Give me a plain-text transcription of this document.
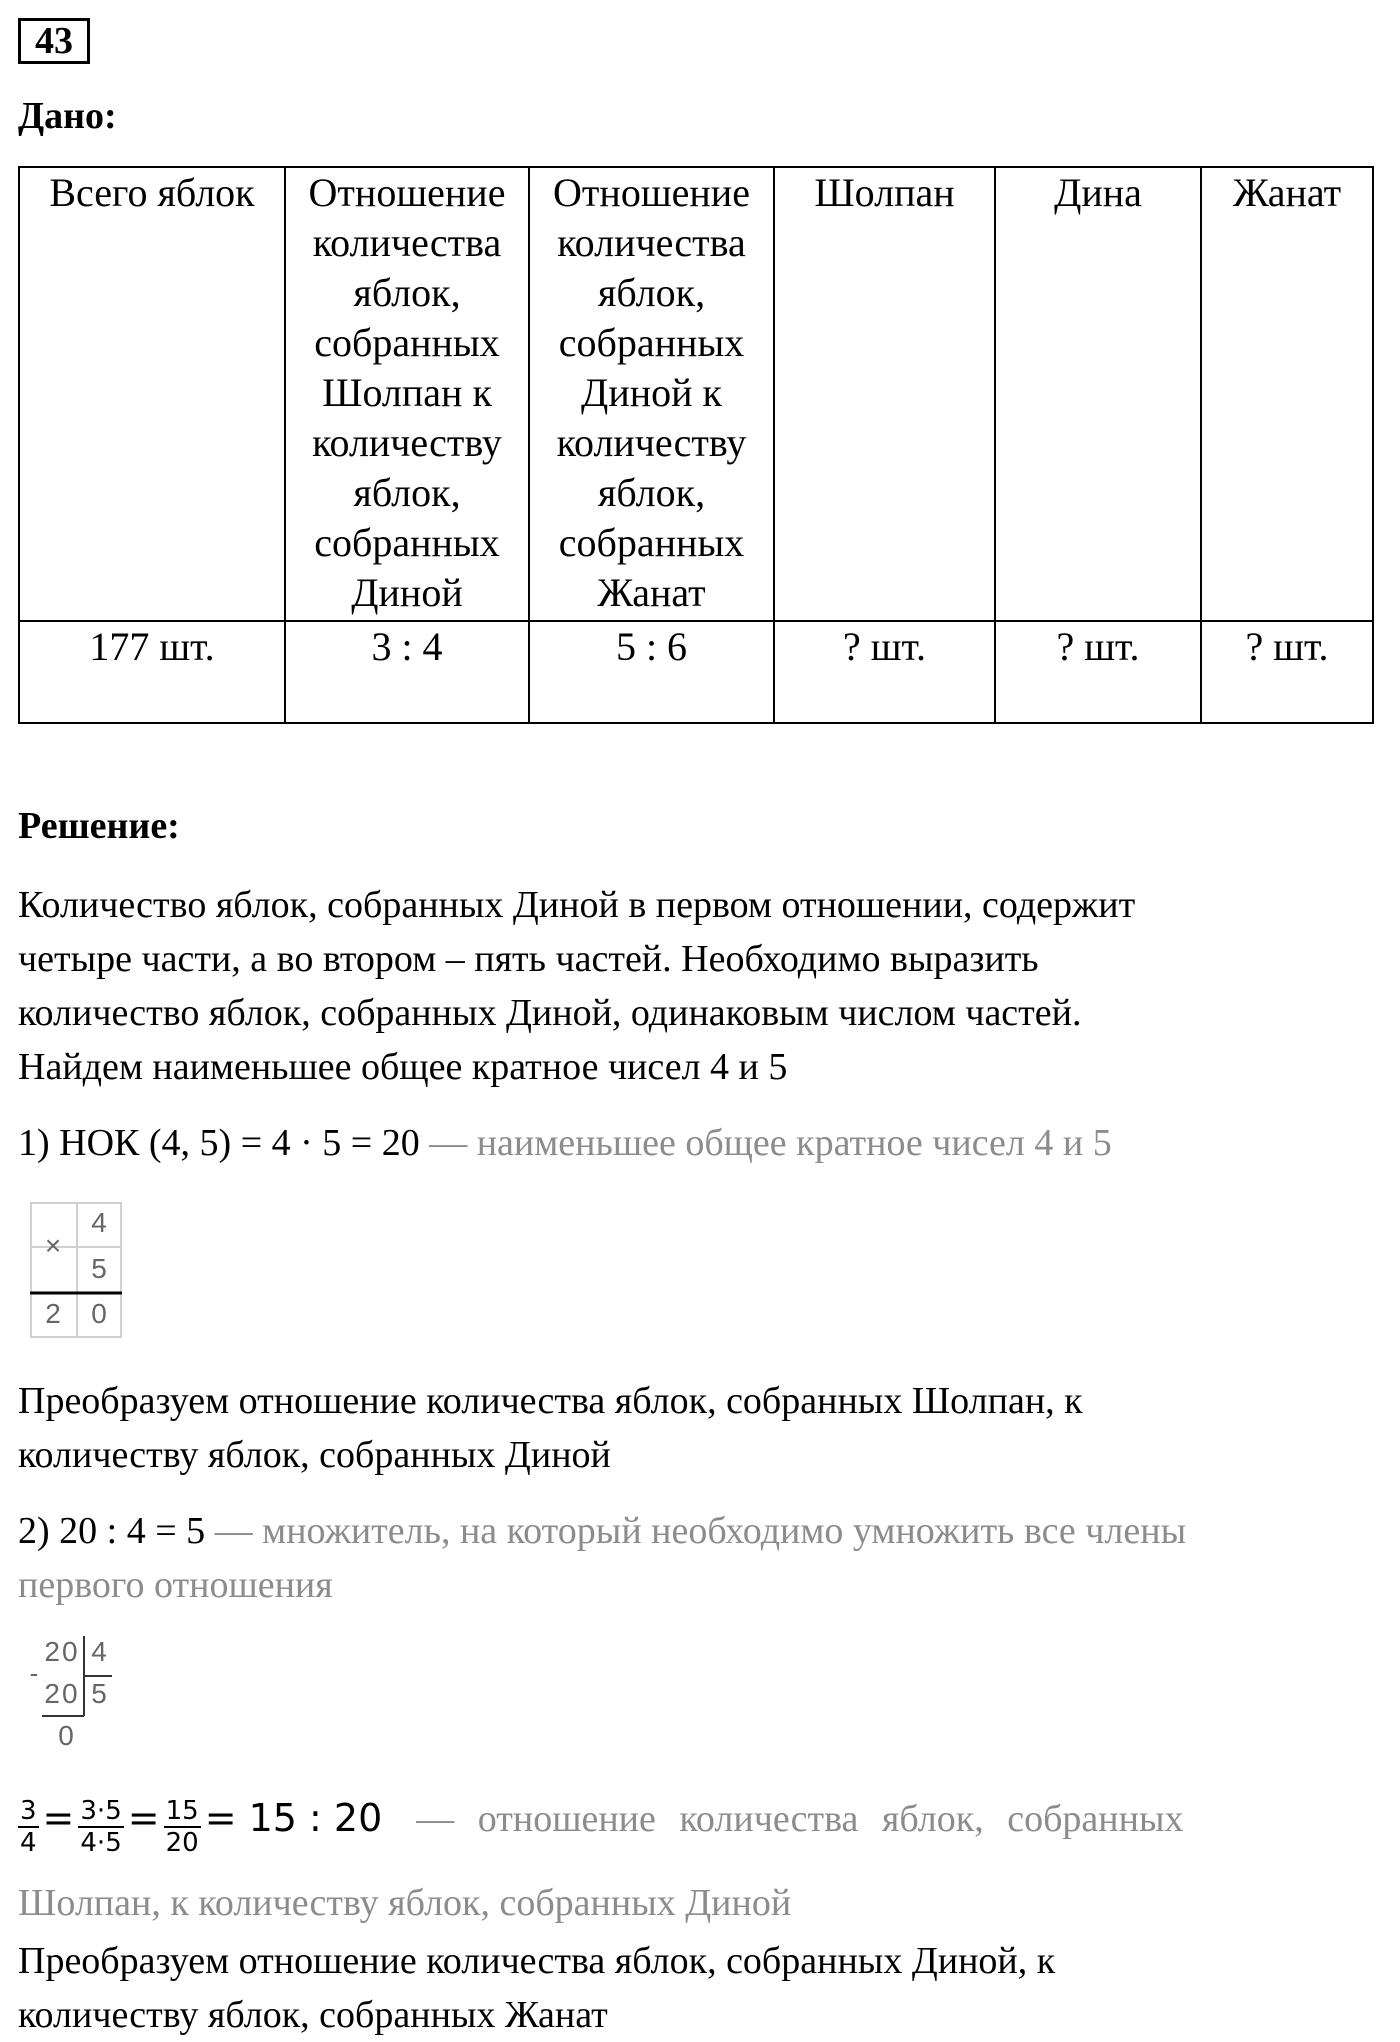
43
Дано:
Всего яблок	Отношение количества яблок, собранных Шолпан к количеству яблок, собранных Диной	Отношение количества яблок, собранных Диной к количеству яблок, собранных Жанат	Шолпан	Дина	Жанат
177 шт.	3 : 4	5 : 6	? шт.	? шт.	? шт.
Решение:

Количество яблок, собранных Диной в первом отношении, содержит

четыре части, а во втором – пять частей. Необходимо выразить

количество яблок, собранных Диной, одинаковым числом частей.

Найдем наименьшее общее кратное чисел 4 и 5

1) НОК (4, 5) = 4 · 5 = 20 — наименьшее общее кратное чисел 4 и 5
×
4
5
2	0

Преобразуем отношение количества яблок, собранных Шолпан, к

количеству яблок, собранных Диной

2) 20 : 4 = 5 — множитель, на который необходимо умножить все члены
первого отношения
-
20 4
20 5
0
$\frac{3}{4} = \frac{3\cdot 5}{4\cdot 5} = \frac{15}{20} = 15$ : 20 — отношение количества яблок, собранных
Шолпан, к количеству яблок, собранных Диной

Преобразуем отношение количества яблок, собранных Диной, к

количеству яблок, собранных Жанат
